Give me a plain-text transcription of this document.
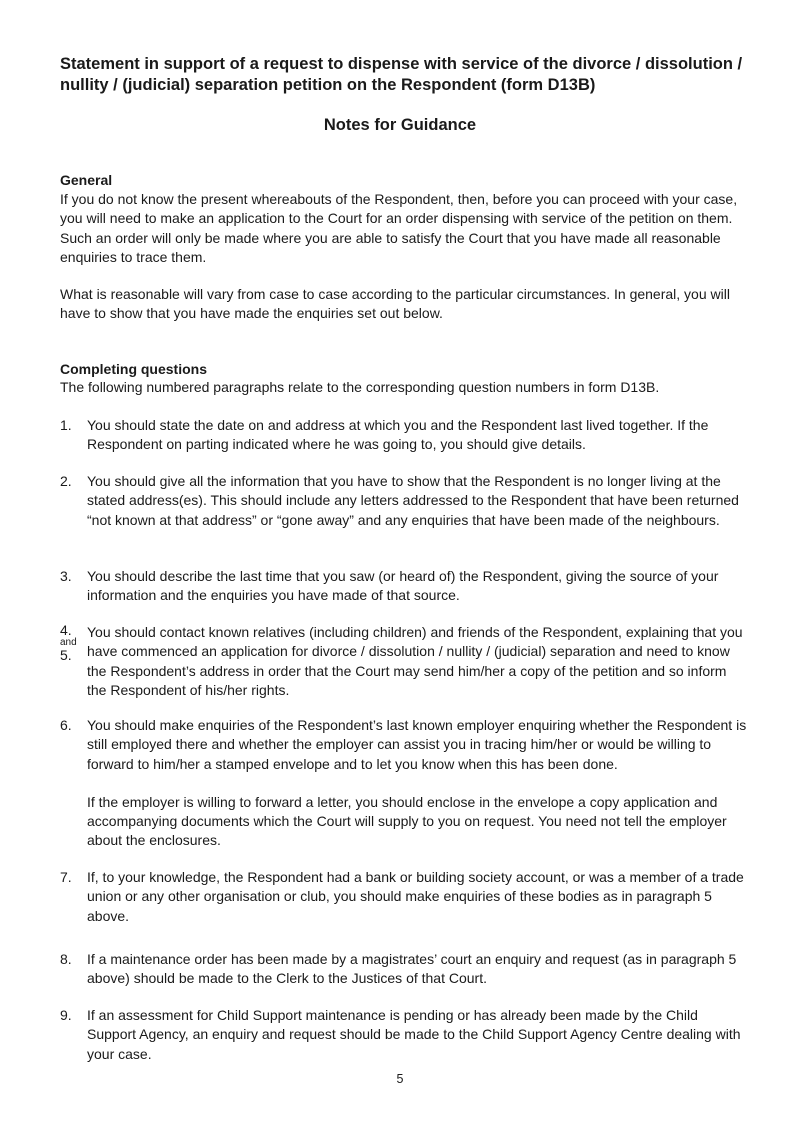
Statement in support of a request to dispense with service of the divorce / dissolution / nullity / (judicial) separation petition on the Respondent (form D13B)
Notes for Guidance
General

If you do not know the present whereabouts of the Respondent, then, before you can proceed with your case, you will need to make an application to the Court for an order dispensing with service of the petition on them. Such an order will only be made where you are able to satisfy the Court that you have made all reasonable enquiries to trace them.

What is reasonable will vary from case to case according to the particular circumstances. In general, you will have to show that you have made the enquiries set out below.

Completing questions

The following numbered paragraphs relate to the corresponding question numbers in form D13B.

1.	You should state the date on and address at which you and the Respondent last lived together. If the Respondent on parting indicated where he was going to, you should give details.

2.	You should give all the information that you have to show that the Respondent is no longer living at the stated address(es). This should include any letters addressed to the Respondent that have been returned “not known at that address” or “gone away” and any enquiries that have been made of the neighbours.

3.	You should describe the last time that you saw (or heard of) the Respondent, giving the source of your information and the enquiries you have made of that source.

4.
and
5.

You should contact known relatives (including children) and friends of the Respondent, explaining that you have commenced an application for divorce / dissolution / nullity / (judicial) separation and need to know the Respondent’s address in order that the Court may send him/her a copy of the petition and so inform the Respondent of his/her rights.

6.	You should make enquiries of the Respondent’s last known employer enquiring whether the Respondent is still employed there and whether the employer can assist you in tracing him/her or would be willing to forward to him/her a stamped envelope and to let you know when this has been done.

If the employer is willing to forward a letter, you should enclose in the envelope a copy application and accompanying documents which the Court will supply to you on request. You need not tell the employer about the enclosures.

7.	If, to your knowledge, the Respondent had a bank or building society account, or was a member of a trade union or any other organisation or club, you should make enquiries of these bodies as in paragraph 5 above.

8.	If a maintenance order has been made by a magistrates’ court an enquiry and request (as in paragraph 5 above) should be made to the Clerk to the Justices of that Court.

9.	If an assessment for Child Support maintenance is pending or has already been made by the Child Support Agency, an enquiry and request should be made to the Child Support Agency Centre dealing with your case.

5
